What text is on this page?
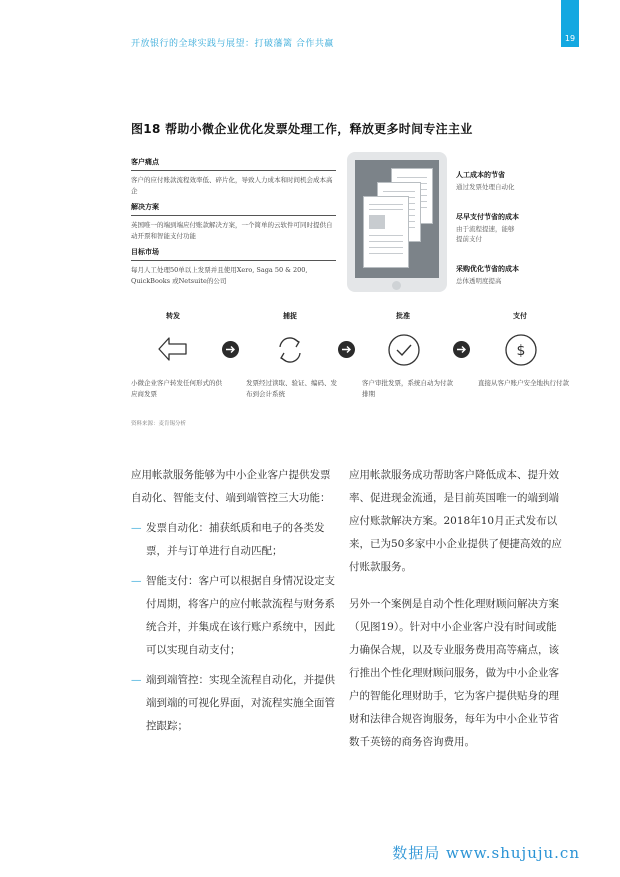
开放银行的全球实践与展望：打破藩篱 合作共赢
19
图18 帮助小微企业优化发票处理工作，释放更多时间专注主业
客户痛点
客户的应付账款流程效率低、碎片化，导致人力成本和时间机会成本高企
解决方案
英国唯一的端到端应付账款解决方案，一个简单的云软件可同时提供自动开票和智能支付功能
目标市场
每月人工处理50单以上发票并且使用Xero, Saga 50 & 200, QuickBooks 或Netsuite的公司
人工成本的节省
通过发票处理自动化
尽早支付节省的成本
由于流程提速，能够提前支付
采购优化节省的成本
总体透明度提高
转发	捕捉	批准	支付
$
小微企业客户转发任何形式的供应商发票
发票经过读取、验证、编码、发布到会计系统
客户审批发票，系统自动为付款排期
直接从客户账户安全地执行付款
资料来源：麦肯锡分析

应用帐款服务能够为中小企业客户提供发票自动化、智能支付、端到端管控三大功能：

— 发票自动化：捕获纸质和电子的各类发票，并与订单进行自动匹配；
— 智能支付：客户可以根据自身情况设定支付周期，将客户的应付帐款流程与财务系统合并，并集成在该行账户系统中，因此可以实现自动支付；
— 端到端管控：实现全流程自动化，并提供端到端的可视化界面，对流程实施全面管控跟踪；

应用帐款服务成功帮助客户降低成本、提升效率、促进现金流通，是目前英国唯一的端到端应付账款解决方案。2018年10月正式发布以来，已为50多家中小企业提供了便捷高效的应付账款服务。

另外一个案例是自动个性化理财顾问解决方案（见图19）。针对中小企业客户没有时间或能力确保合规，以及专业服务费用高等痛点，该行推出个性化理财顾问服务，做为中小企业客户的智能化理财助手，它为客户提供贴身的理财和法律合规咨询服务，每年为中小企业节省数千英镑的商务咨询费用。

数据局 www.shujuju.cn
